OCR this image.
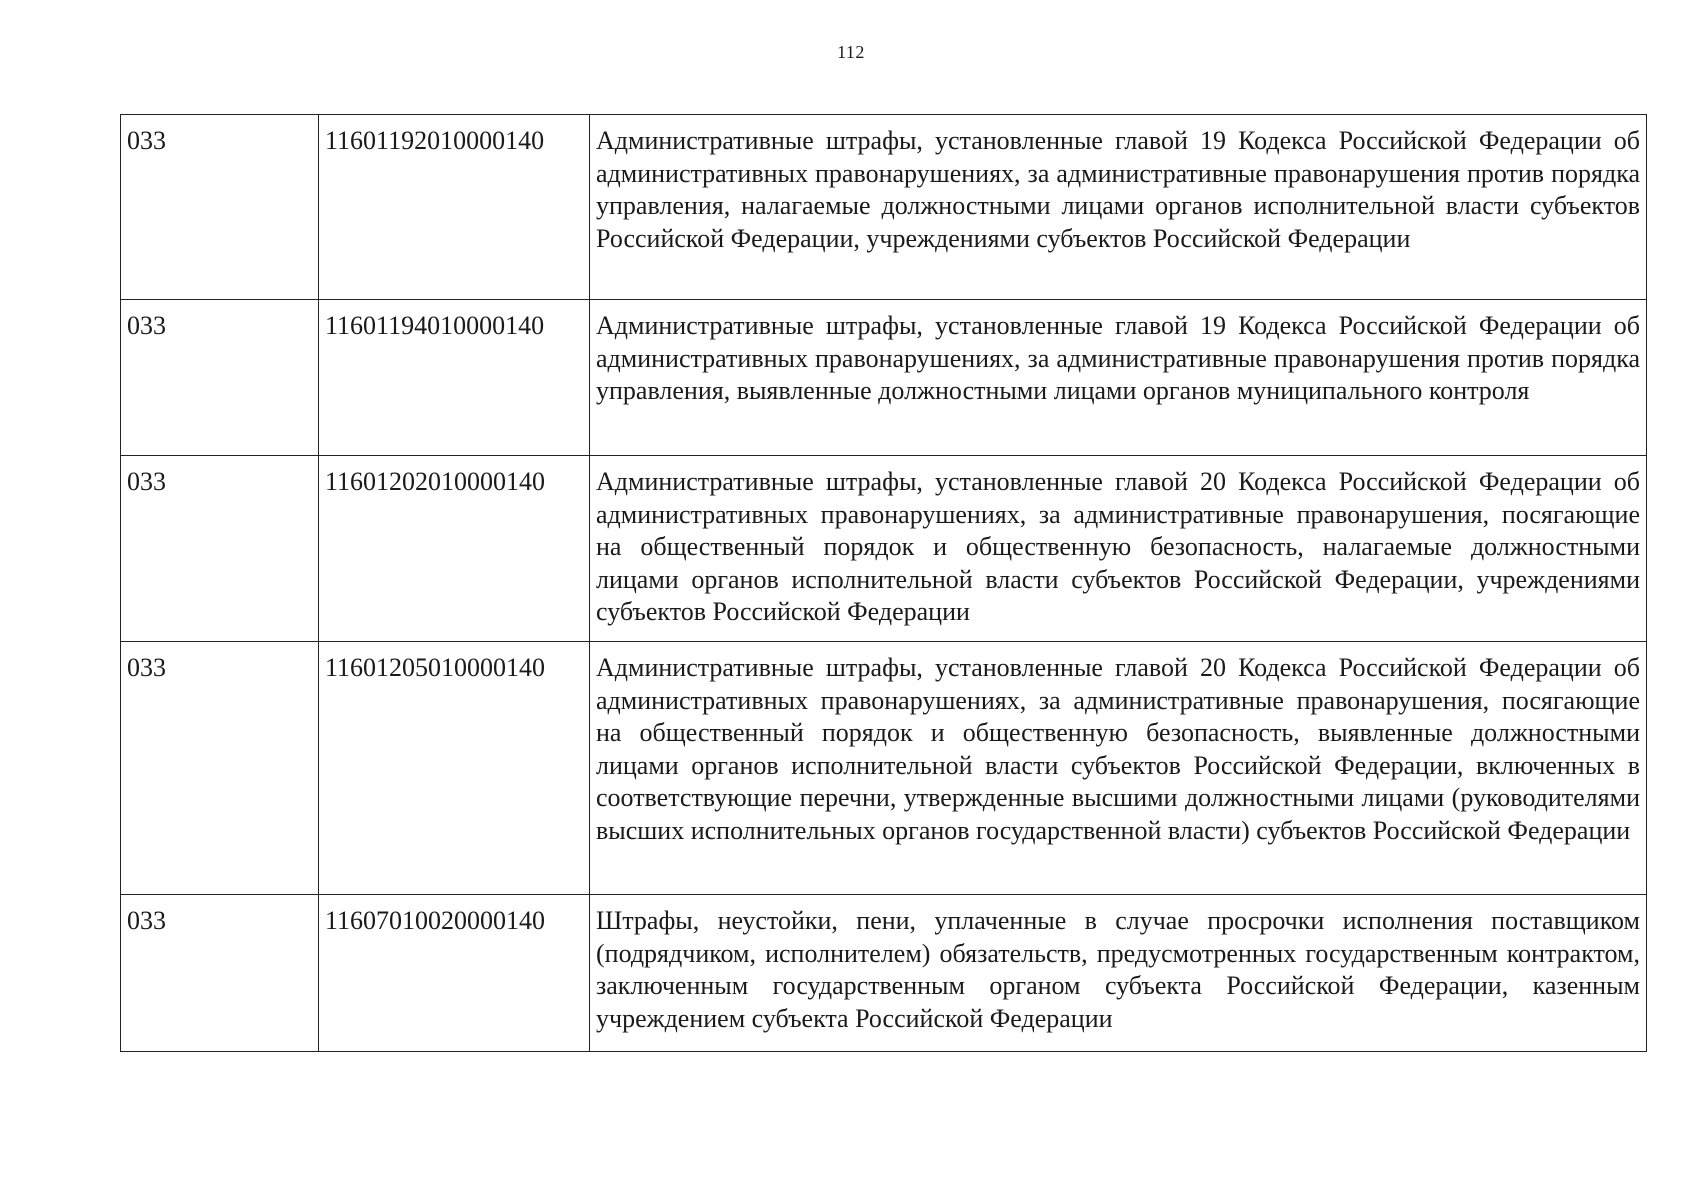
112
033	11601192010000140	Административные штрафы, установленные главой 19 Кодекса Российской Федерации об административных правонарушениях, за административные правонарушения против порядка управления, налагаемые должностными лицами органов исполнительной власти субъектов Российской Федерации, учреждениями субъектов Российской Федерации
033	11601194010000140	Административные штрафы, установленные главой 19 Кодекса Российской Федерации об административных правонарушениях, за административные правонарушения против порядка управления, выявленные должностными лицами органов муниципального контроля
033	11601202010000140	Административные штрафы, установленные главой 20 Кодекса Российской Федерации об административных правонарушениях, за административные правонарушения, посягающие на общественный порядок и общественную безопасность, налагаемые должностными лицами органов исполнительной власти субъектов Российской Федерации, учреждениями субъектов Российской Федерации
033	11601205010000140	Административные штрафы, установленные главой 20 Кодекса Российской Федерации об административных правонарушениях, за административные правонарушения, посягающие на общественный порядок и общественную безопасность, выявленные должностными лицами органов исполнительной власти субъектов Российской Федерации, включенных в соответствующие перечни, утвержденные высшими должностными лицами (руководителями высших исполнительных органов государственной власти) субъектов Российской Федерации
033	11607010020000140	Штрафы, неустойки, пени, уплаченные в случае просрочки исполнения поставщиком (подрядчиком, исполнителем) обязательств, предусмотренных государственным контрактом, заключенным государственным органом субъекта Российской Федерации, казенным учреждением субъекта Российской Федерации
